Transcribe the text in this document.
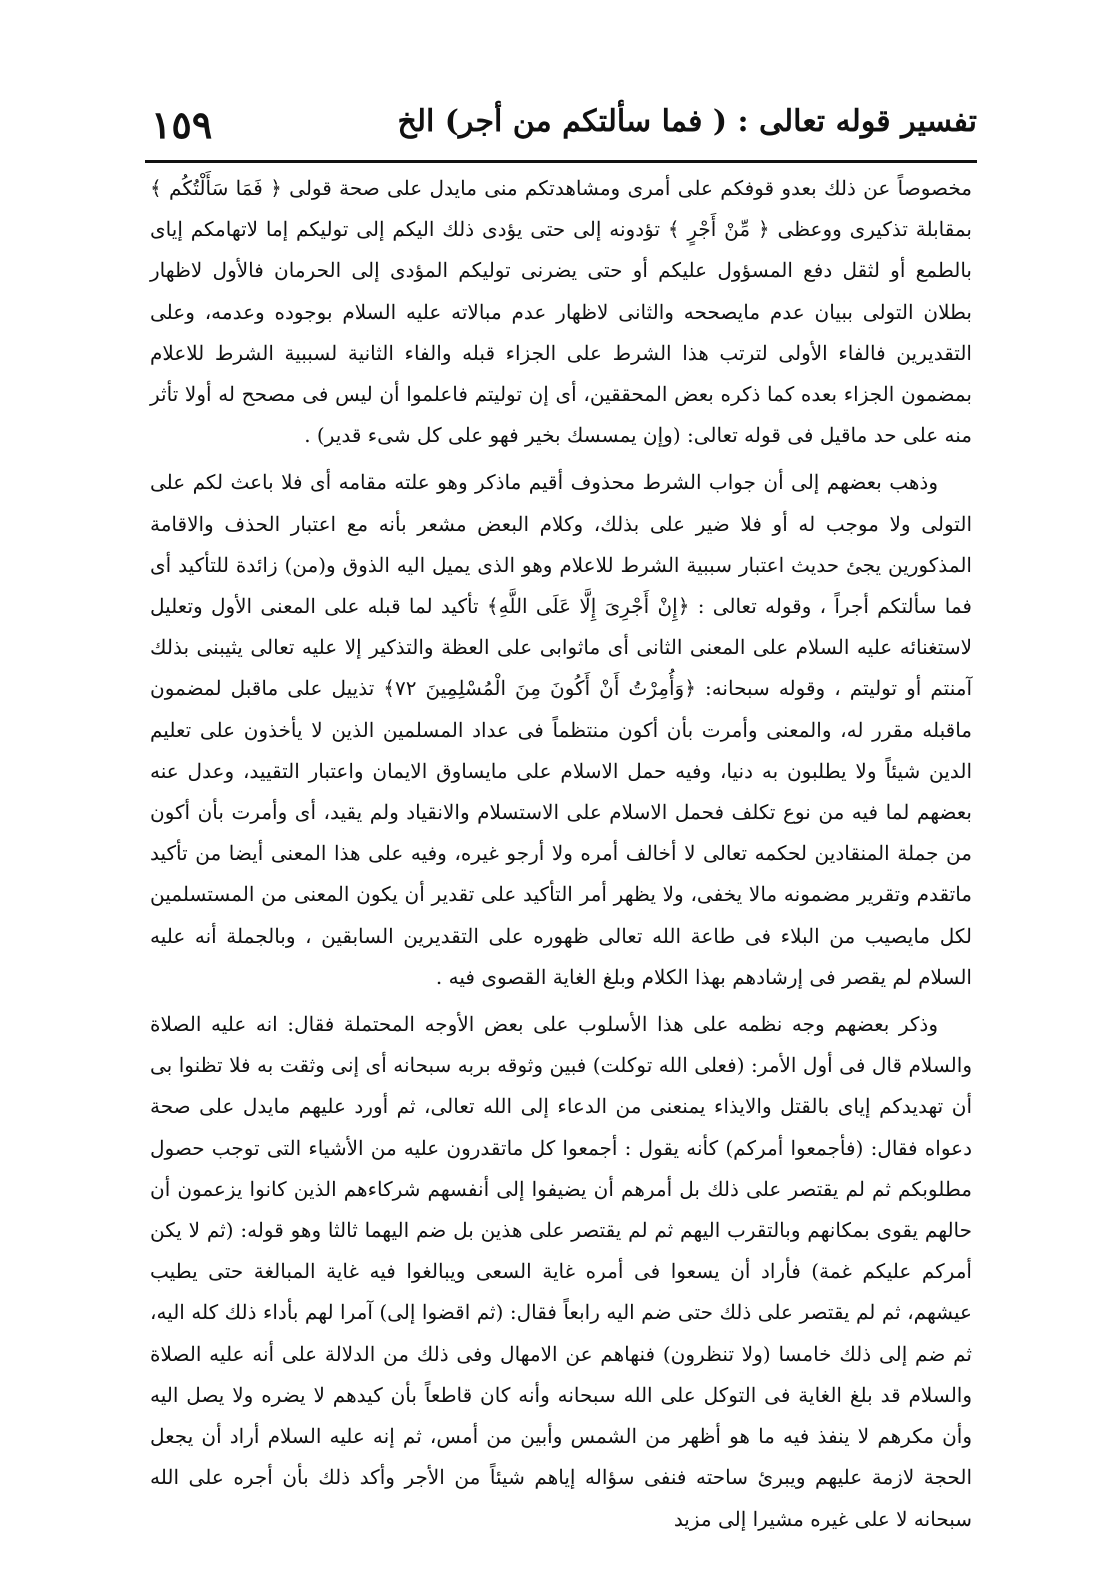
تفسير قوله تعالى : ( فما سألتكم من أجر) الخ
١٥٩

مخصوصاً عن ذلك بعدو قوفكم على أمرى ومشاهدتكم منى مايدل على صحة قولى ﴿ فَمَا سَأَلْتُكُم ﴾ بمقابلة تذكيرى ووعظى ﴿ مِّنْ أَجْرٍ ﴾ تؤدونه إلى حتى يؤدى ذلك اليكم إلى توليكم إما لاتهامكم إياى بالطمع أو لثقل دفع المسؤول عليكم أو حتى يضرنى توليكم المؤدى إلى الحرمان فالأول لاظهار بطلان التولى ببيان عدم مايصححه والثانى لاظهار عدم مبالاته عليه السلام بوجوده وعدمه، وعلى التقديرين فالفاء الأولى لترتب هذا الشرط على الجزاء قبله والفاء الثانية لسببية الشرط للاعلام بمضمون الجزاء بعده كما ذكره بعض المحققين، أى إن توليتم فاعلموا أن ليس فى مصحح له أولا تأثر منه على حد ماقيل فى قوله تعالى: (وإن يمسسك بخير فهو على كل شىء قدير) .

وذهب بعضهم إلى أن جواب الشرط محذوف أقيم ماذكر وهو علته مقامه أى فلا باعث لكم على التولى ولا موجب له أو فلا ضير على بذلك، وكلام البعض مشعر بأنه مع اعتبار الحذف والاقامة المذكورين يجئ حديث اعتبار سببية الشرط للاعلام وهو الذى يميل اليه الذوق و(من) زائدة للتأكيد أى فما سألتكم أجراً ، وقوله تعالى : ﴿إِنْ أَجْرِىَ إِلَّا عَلَى اللَّهِ﴾ تأكيد لما قبله على المعنى الأول وتعليل لاستغنائه عليه السلام على المعنى الثانى أى ماثوابى على العظة والتذكير إلا عليه تعالى يثيبنى بذلك آمنتم أو توليتم ، وقوله سبحانه: ﴿وَأُمِرْتُ أَنْ أَكُونَ مِنَ الْمُسْلِمِينَ ٧٢﴾ تذييل على ماقبل لمضمون ماقبله مقرر له، والمعنى وأمرت بأن أكون منتظماً فى عداد المسلمين الذين لا يأخذون على تعليم الدين شيئاً ولا يطلبون به دنيا، وفيه حمل الاسلام على مايساوق الايمان واعتبار التقييد، وعدل عنه بعضهم لما فيه من نوع تكلف فحمل الاسلام على الاستسلام والانقياد ولم يقيد، أى وأمرت بأن أكون من جملة المنقادين لحكمه تعالى لا أخالف أمره ولا أرجو غيره، وفيه على هذا المعنى أيضا من تأكيد ماتقدم وتقرير مضمونه مالا يخفى، ولا يظهر أمر التأكيد على تقدير أن يكون المعنى من المستسلمين لكل مايصيب من البلاء فى طاعة الله تعالى ظهوره على التقديرين السابقين ، وبالجملة أنه عليه السلام لم يقصر فى إرشادهم بهذا الكلام وبلغ الغاية القصوى فيه .

وذكر بعضهم وجه نظمه على هذا الأسلوب على بعض الأوجه المحتملة فقال: انه عليه الصلاة والسلام قال فى أول الأمر: (فعلى الله توكلت) فبين وثوقه بربه سبحانه أى إنى وثقت به فلا تظنوا بى أن تهديدكم إياى بالقتل والايذاء يمنعنى من الدعاء إلى الله تعالى، ثم أورد عليهم مايدل على صحة دعواه فقال: (فأجمعوا أمركم) كأنه يقول : أجمعوا كل ماتقدرون عليه من الأشياء التى توجب حصول مطلوبكم ثم لم يقتصر على ذلك بل أمرهم أن يضيفوا إلى أنفسهم شركاءهم الذين كانوا يزعمون أن حالهم يقوى بمكانهم وبالتقرب اليهم ثم لم يقتصر على هذين بل ضم اليهما ثالثا وهو قوله: (ثم لا يكن أمركم عليكم غمة) فأراد أن يسعوا فى أمره غاية السعى ويبالغوا فيه غاية المبالغة حتى يطيب عيشهم، ثم لم يقتصر على ذلك حتى ضم اليه رابعاً فقال: (ثم اقضوا إلى) آمرا لهم بأداء ذلك كله اليه، ثم ضم إلى ذلك خامسا (ولا تنظرون) فنهاهم عن الامهال وفى ذلك من الدلالة على أنه عليه الصلاة والسلام قد بلغ الغاية فى التوكل على الله سبحانه وأنه كان قاطعاً بأن كيدهم لا يضره ولا يصل اليه وأن مكرهم لا ينفذ فيه ما هو أظهر من الشمس وأبين من أمس، ثم إنه عليه السلام أراد أن يجعل الحجة لازمة عليهم ويبرئ ساحته فنفى سؤاله إياهم شيئاً من الأجر وأكد ذلك بأن أجره على الله سبحانه لا على غيره مشيرا إلى مزيد
